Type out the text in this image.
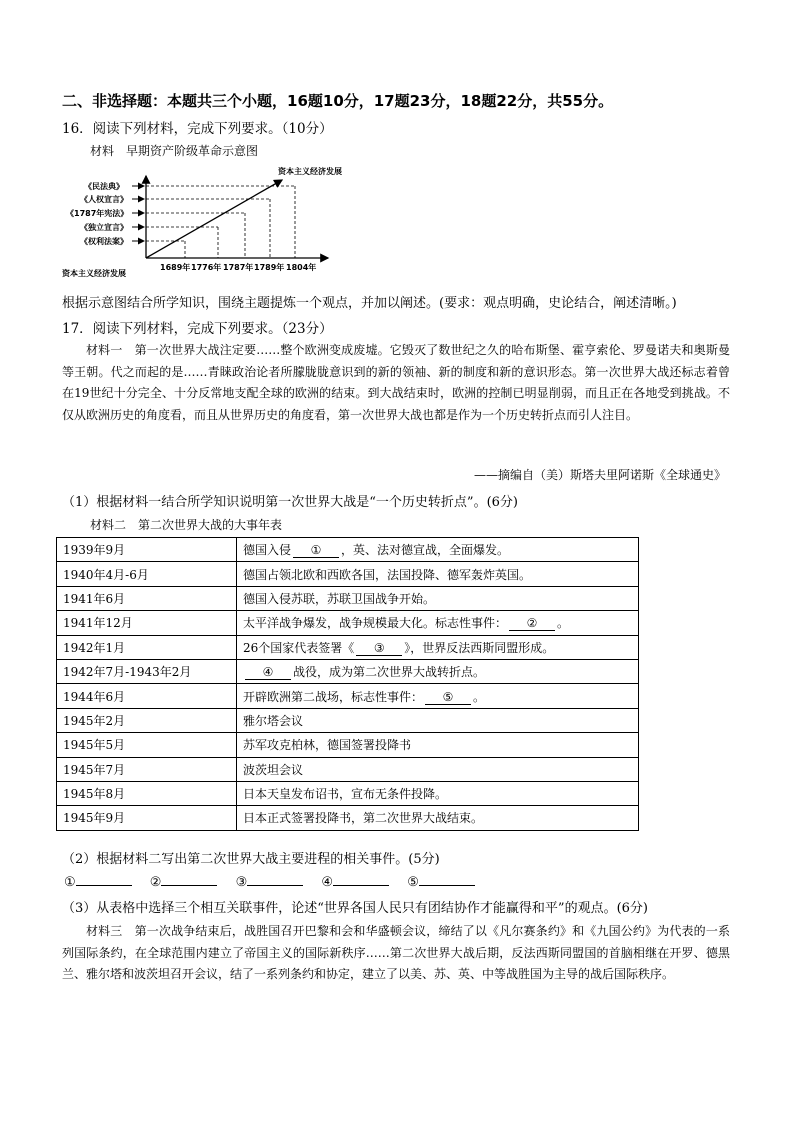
二、非选择题：本题共三个小题，16题10分，17题23分，18题22分，共55分。
16．阅读下列材料，完成下列要求。（10分）
材料　早期资产阶级革命示意图
资本主义经济发展
《民法典》
《人权宣言》
《1787年宪法》
《独立宣言》
《权利法案》
1689年 1776年 1787年 1789年 1804年
资本主义经济发展
根据示意图结合所学知识，围绕主题提炼一个观点，并加以阐述。(要求：观点明确，史论结合，阐述清晰。)
17．阅读下列材料，完成下列要求。（23分）
材料一　第一次世界大战注定要……整个欧洲变成废墟。它毁灭了数世纪之久的哈布斯堡、霍亨索伦、罗曼诺夫和奥斯曼等王朝。代之而起的是……青睐政治论者所朦胧胧意识到的新的领袖、新的制度和新的意识形态。第一次世界大战还标志着曾在19世纪十分完全、十分反常地支配全球的欧洲的结束。到大战结束时，欧洲的控制已明显削弱，而且正在各地受到挑战。不仅从欧洲历史的角度看，而且从世界历史的角度看，第一次世界大战也都是作为一个历史转折点而引人注目。
——摘编自（美）斯塔夫里阿诺斯《全球通史》
（1）根据材料一结合所学知识说明第一次世界大战是“一个历史转折点”。(6分)
材料二　第二次世界大战的大事年表
1939年9月	德国入侵 ① ，英、法对德宣战，全面爆发。
1940年4月-6月	德国占领北欧和西欧各国，法国投降、德军轰炸英国。
1941年6月	德国入侵苏联，苏联卫国战争开始。
1941年12月	太平洋战争爆发，战争规模最大化。标志性事件： ② 。
1942年1月	26个国家代表签署《 ③ 》，世界反法西斯同盟形成。
1942年7月-1943年2月	④ 战役，成为第二次世界大战转折点。
1944年6月	开辟欧洲第二战场，标志性事件： ⑤ 。
1945年2月	雅尔塔会议
1945年5月	苏军攻克柏林，德国签署投降书
1945年7月	波茨坦会议
1945年8月	日本天皇发布诏书，宣布无条件投降。
1945年9月	日本正式签署投降书，第二次世界大战结束。
（2）根据材料二写出第二次世界大战主要进程的相关事件。(5分)
①	②	③	④	⑤
（3）从表格中选择三个相互关联事件，论述“世界各国人民只有团结协作才能赢得和平”的观点。(6分)
材料三　第一次战争结束后，战胜国召开巴黎和会和华盛顿会议，缔结了以《凡尔赛条约》和《九国公约》为代表的一系列国际条约，在全球范围内建立了帝国主义的国际新秩序……第二次世界大战后期，反法西斯同盟国的首脑相继在开罗、德黑兰、雅尔塔和波茨坦召开会议，结了一系列条约和协定，建立了以美、苏、英、中等战胜国为主导的战后国际秩序。
